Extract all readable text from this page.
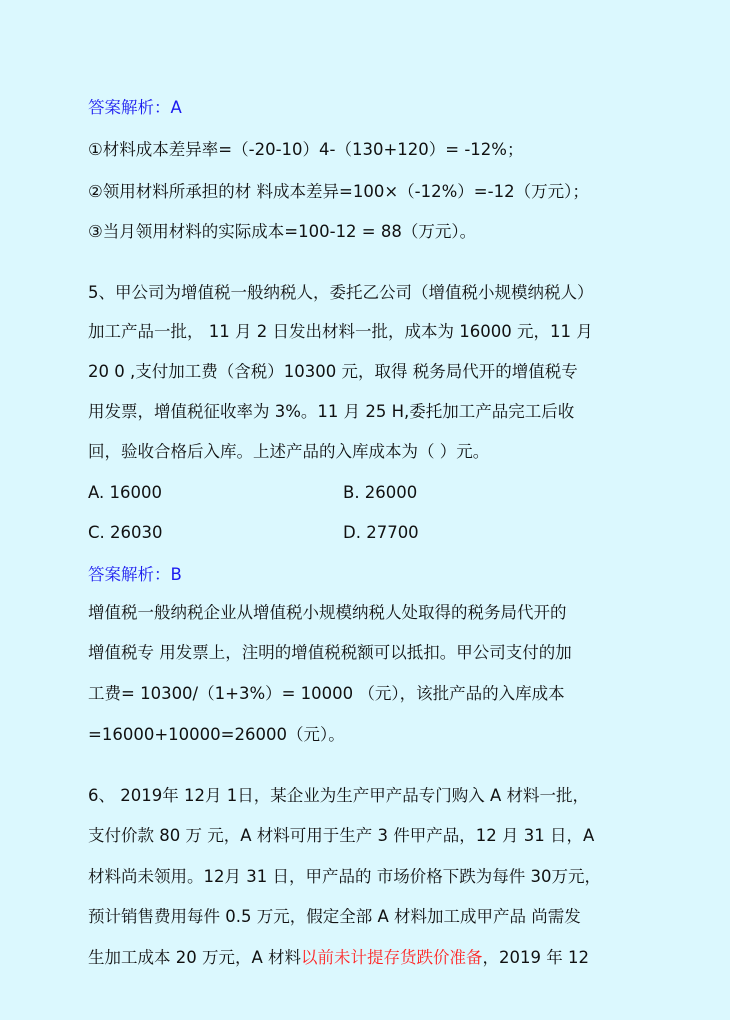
答案解析：A
①材料成本差异率=（-20-10）4-（130+120）= -12%；
②领用材料所承担的材 料成本差异=100×（-12%）=-12（万元）；
③当月领用材料的实际成本=100-12 = 88（万元）。
5、甲公司为增值税一般纳税人，委托乙公司（增值税小规模纳税人）
加工产品一批， 11 月 2 日发出材料一批，成本为 16000 元，11 月
20 0 ,支付加工费（含税）10300 元，取得 税务局代开的增值税专
用发票，增值税征收率为 3%。11 月 25 H,委托加工产品完工后收
回，验收合格后入库。上述产品的入库成本为（ ）元。
A. 16000	B. 26000
C. 26030	D. 27700
答案解析：B
增值税一般纳税企业从增值税小规模纳税人处取得的税务局代开的
增值税专 用发票上，注明的增值税税额可以抵扣。甲公司支付的加
工费= 10300/（1+3%）= 10000 （元），该批产品的入库成本
=16000+10000=26000（元）。
6、 2019年 12月 1日，某企业为生产甲产品专门购入 A 材料一批，
支付价款 80 万 元，A 材料可用于生产 3 件甲产品，12 月 31 日，A
材料尚未领用。12月 31 日，甲产品的 市场价格下跌为每件 30万元，
预计销售费用每件 0.5 万元，假定全部 A 材料加工成甲产品 尚需发
生加工成本 20 万元，A 材料以前未计提存货跌价准备，2019 年 12
